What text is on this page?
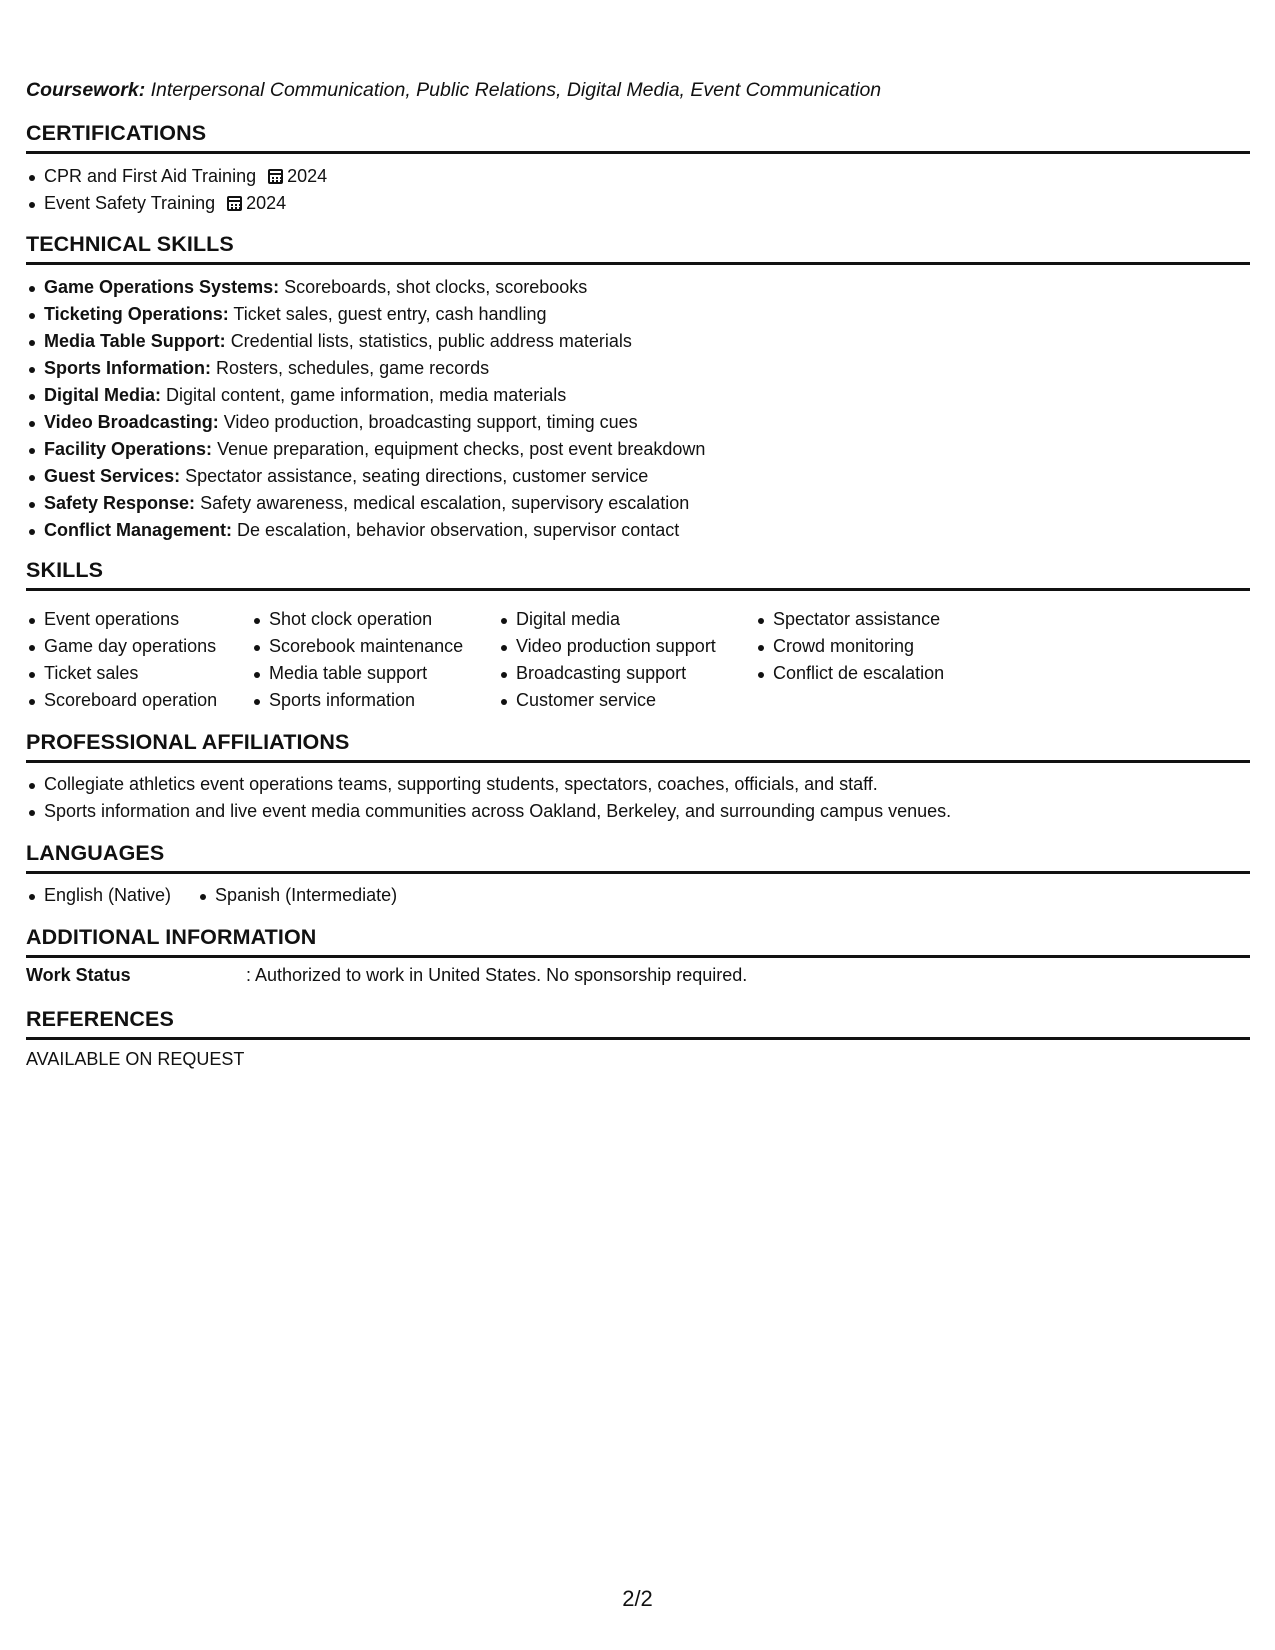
Coursework: Interpersonal Communication, Public Relations, Digital Media, Event Communication
CERTIFICATIONS
CPR and First Aid Training 2024
Event Safety Training 2024
TECHNICAL SKILLS
Game Operations Systems: Scoreboards, shot clocks, scorebooks
Ticketing Operations: Ticket sales, guest entry, cash handling
Media Table Support: Credential lists, statistics, public address materials
Sports Information: Rosters, schedules, game records
Digital Media: Digital content, game information, media materials
Video Broadcasting: Video production, broadcasting support, timing cues
Facility Operations: Venue preparation, equipment checks, post event breakdown
Guest Services: Spectator assistance, seating directions, customer service
Safety Response: Safety awareness, medical escalation, supervisory escalation
Conflict Management: De escalation, behavior observation, supervisor contact
SKILLS
Event operations
Game day operations
Ticket sales
Scoreboard operation
Shot clock operation
Scorebook maintenance
Media table support
Sports information
Digital media
Video production support
Broadcasting support
Customer service
Spectator assistance
Crowd monitoring
Conflict de escalation
PROFESSIONAL AFFILIATIONS
Collegiate athletics event operations teams, supporting students, spectators, coaches, officials, and staff.
Sports information and live event media communities across Oakland, Berkeley, and surrounding campus venues.
LANGUAGES
English (Native)	Spanish (Intermediate)
ADDITIONAL INFORMATION
Work Status	: Authorized to work in United States. No sponsorship required.
REFERENCES
AVAILABLE ON REQUEST
2/2
